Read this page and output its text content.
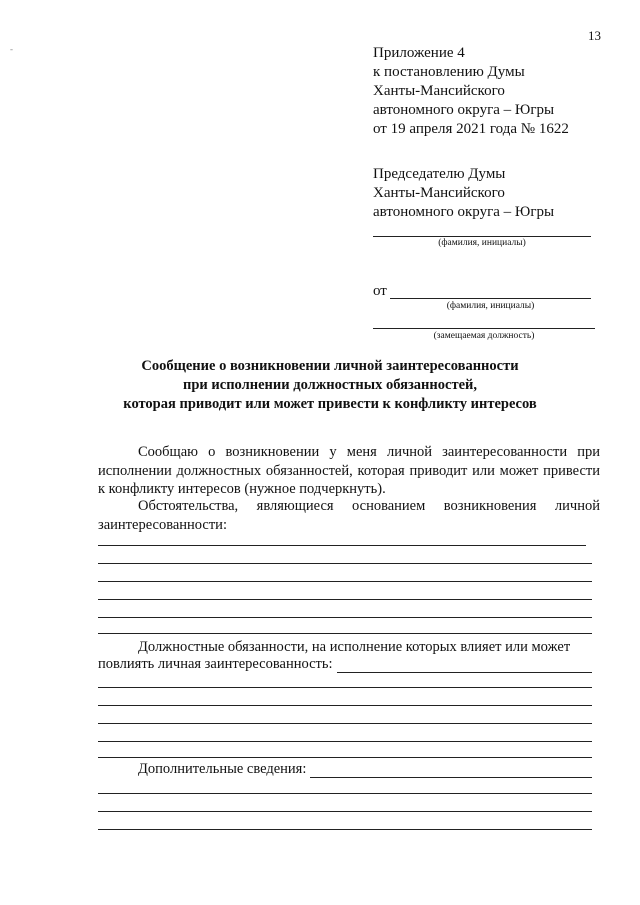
13
-	Приложение 4
к постановлению Думы
Ханты-Мансийского
автономного округа – Югры
от 19 апреля 2021 года № 1622
Председателю Думы
Ханты-Мансийского
автономного округа – Югры
(фамилия, инициалы)
от
(фамилия, инициалы)
(замещаемая должность)
Сообщение о возникновении личной заинтересованности
при исполнении должностных обязанностей,
которая приводит или может привести к конфликту интересов
Сообщаю о возникновении у меня личной заинтересованности при исполнении должностных обязанностей, которая приводит или может привести к конфликту интересов (нужное подчеркнуть).
Обстоятельства, являющиеся основанием возникновения личной заинтересованности:
Должностные обязанности, на исполнение которых влияет или может
повлиять личная заинтересованность:
Дополнительные сведения:
